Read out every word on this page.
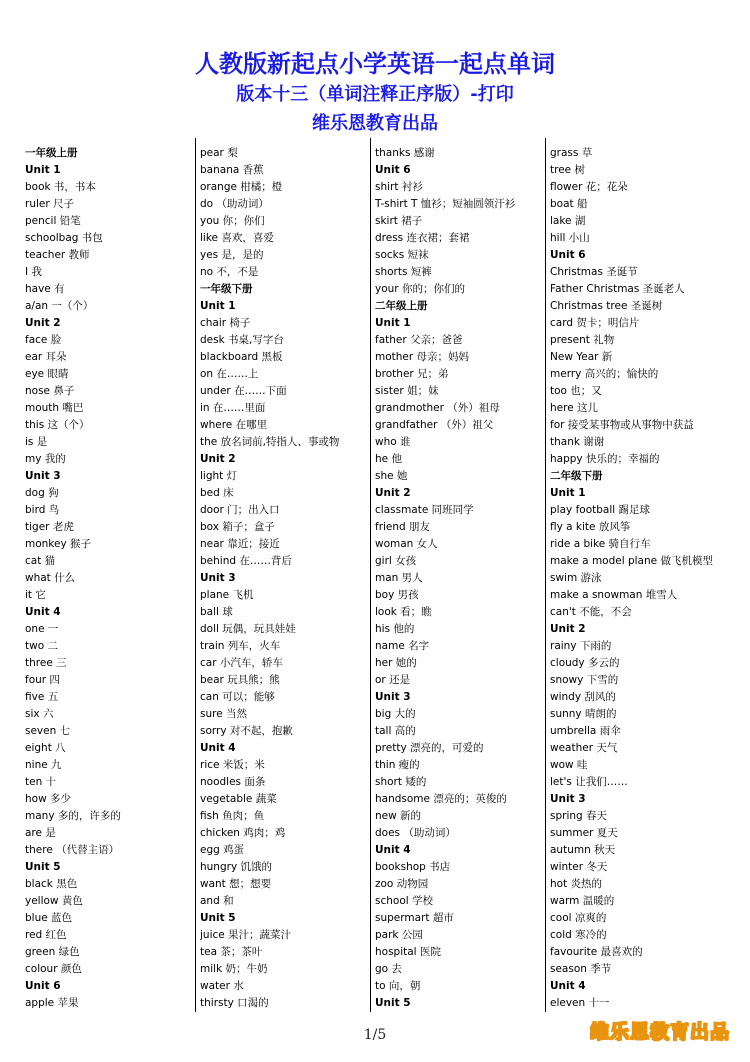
人教版新起点小学英语一起点单词
版本十三（单词注释正序版）-打印
维乐恩教育出品
一年级上册
Unit 1
book 书，书本
ruler 尺子
pencil 铅笔
schoolbag 书包
teacher 教师
I 我
have 有
a/an 一（个）
Unit 2
face 脸
ear 耳朵
eye 眼睛
nose 鼻子
mouth 嘴巴
this 这（个）
is 是
my 我的
Unit 3
dog 狗
bird 鸟
tiger 老虎
monkey 猴子
cat 猫
what 什么
it 它
Unit 4
one 一
two 二
three 三
four 四
five 五
six 六
seven 七
eight 八
nine 九
ten 十
how 多少
many 多的，许多的
are 是
there （代替主语）
Unit 5
black 黑色
yellow 黄色
blue 蓝色
red 红色
green 绿色
colour 颜色
Unit 6
apple 苹果
pear 梨
banana 香蕉
orange 柑橘；橙
do （助动词）
you 你；你们
like 喜欢，喜爱
yes 是，是的
no 不，不是
一年级下册
Unit 1
chair 椅子
desk 书桌,写字台
blackboard 黑板
on 在……上
under 在……下面
in 在……里面
where 在哪里
the 放名词前,特指人、事或物
Unit 2
light 灯
bed 床
door 门；出入口
box 箱子；盒子
near 靠近；接近
behind 在……背后
Unit 3
plane 飞机
ball 球
doll 玩偶，玩具娃娃
train 列车，火车
car 小汽车，轿车
bear 玩具熊；熊
can 可以；能够
sure 当然
sorry 对不起，抱歉
Unit 4
rice 米饭；米
noodles 面条
vegetable 蔬菜
fish 鱼肉；鱼
chicken 鸡肉；鸡
egg 鸡蛋
hungry 饥饿的
want 想；想要
and 和
Unit 5
juice 果汁；蔬菜汁
tea 茶；茶叶
milk 奶；牛奶
water 水
thirsty 口渴的
thanks 感谢
Unit 6
shirt 衬衫
T-shirt T 恤衫；短袖圆领汗衫
skirt 裙子
dress 连衣裙；套裙
socks 短袜
shorts 短裤
your 你的；你们的
二年级上册
Unit 1
father 父亲；爸爸
mother 母亲；妈妈
brother 兄；弟
sister 姐；妹
grandmother （外）祖母
grandfather （外）祖父
who 谁
he 他
she 她
Unit 2
classmate 同班同学
friend 朋友
woman 女人
girl 女孩
man 男人
boy 男孩
look 看；瞧
his 他的
name 名字
her 她的
or 还是
Unit 3
big 大的
tall 高的
pretty 漂亮的，可爱的
thin 瘦的
short 矮的
handsome 漂亮的；英俊的
new 新的
does （助动词）
Unit 4
bookshop 书店
zoo 动物园
school 学校
supermart 超市
park 公园
hospital 医院
go 去
to 向，朝
Unit 5
grass 草
tree 树
flower 花；花朵
boat 船
lake 湖
hill 小山
Unit 6
Christmas 圣诞节
Father Christmas 圣诞老人
Christmas tree 圣诞树
card 贺卡；明信片
present 礼物
New Year 新
merry 高兴的；愉快的
too 也；又
here 这儿
for 接受某事物或从事物中获益
thank 谢谢
happy 快乐的；幸福的
二年级下册
Unit 1
play football 踢足球
fly a kite 放风筝
ride a bike 骑自行车
make a model plane 做飞机模型
swim 游泳
make a snowman 堆雪人
can't 不能，不会
Unit 2
rainy 下雨的
cloudy 多云的
snowy 下雪的
windy 刮风的
sunny 晴朗的
umbrella 雨伞
weather 天气
wow 哇
let's 让我们……
Unit 3
spring 春天
summer 夏天
autumn 秋天
winter 冬天
hot 炎热的
warm 温暖的
cool 凉爽的
cold 寒冷的
favourite 最喜欢的
season 季节
Unit 4
eleven 十一
1/5	维乐恩教育出品
